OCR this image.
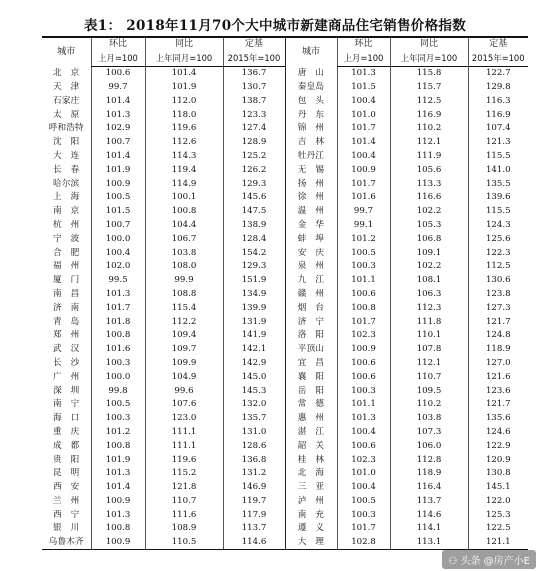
表1： 2018年11月70个大中城市新建商品住宅销售价格指数
城市	环比	同比	定基	城市	环比	同比	定基
	上月=100	上年同月=100	2015年=100		上月=100	上年同月=100	2015年=100
北　京	100.6	101.4	136.7	唐　山	101.3	115.8	122.7
天　津	99.7	101.9	130.7	秦皇岛	101.5	115.7	129.8
石家庄	101.4	112.0	138.7	包　头	100.4	112.5	116.3
太　原	101.3	118.0	123.3	丹　东	101.0	116.9	116.9
呼和浩特	102.9	119.6	127.4	锦　州	101.7	110.2	107.4
沈　阳	100.7	112.6	128.9	吉　林	101.4	112.1	121.3
大　连	101.4	114.3	125.2	牡丹江	100.4	111.9	115.5
长　春	101.9	119.4	126.2	无　锡	100.9	105.6	141.0
哈尔滨	100.9	114.9	129.3	扬　州	101.7	113.3	135.5
上　海	100.5	100.1	145.6	徐　州	101.6	116.6	139.6
南　京	101.5	100.8	147.5	温　州	99.7	102.2	115.5
杭　州	100.7	104.4	138.9	金　华	99.1	105.3	124.3
宁　波	100.0	106.7	128.4	蚌　埠	101.2	106.8	125.6
合　肥	100.4	103.8	154.2	安　庆	100.5	109.1	122.3
福　州	102.0	108.0	129.3	泉　州	100.3	102.2	112.5
厦　门	99.5	99.9	151.9	九　江	101.1	108.1	130.6
南　昌	101.3	108.8	134.9	赣　州	100.6	106.3	123.8
济　南	101.7	115.4	139.9	烟　台	100.8	112.3	127.3
青　岛	101.8	112.2	131.9	济　宁	101.7	111.8	121.7
郑　州	100.8	109.4	141.9	洛　阳	102.3	110.1	124.8
武　汉	101.6	109.7	142.1	平顶山	100.9	107.8	118.9
长　沙	100.3	109.9	142.9	宜　昌	100.6	112.1	127.0
广　州	100.0	104.9	145.0	襄　阳	100.6	110.7	121.6
深　圳	99.8	99.6	145.3	岳　阳	100.3	109.5	123.6
南　宁	100.5	107.6	132.0	常　德	101.1	110.2	121.7
海　口	100.3	123.0	135.7	惠　州	101.3	103.8	135.6
重　庆	101.2	111.1	131.0	湛　江	100.4	107.3	124.6
成　都	100.8	111.1	128.6	韶　关	100.6	106.0	122.9
贵　阳	101.9	119.6	136.8	桂　林	102.3	112.8	120.9
昆　明	101.3	115.2	131.2	北　海	101.0	118.9	130.8
西　安	101.4	121.8	146.9	三　亚	100.4	116.4	145.1
兰　州	100.9	110.7	119.7	泸　州	100.5	113.7	122.0
西　宁	101.3	111.6	117.9	南　充	100.3	114.6	125.3
银　川	100.8	108.9	113.7	遵　义	101.7	114.1	122.5
乌鲁木齐	100.9	110.5	114.6	大　理	102.8	113.1	121.1
⚇ 头条 @房产小E
